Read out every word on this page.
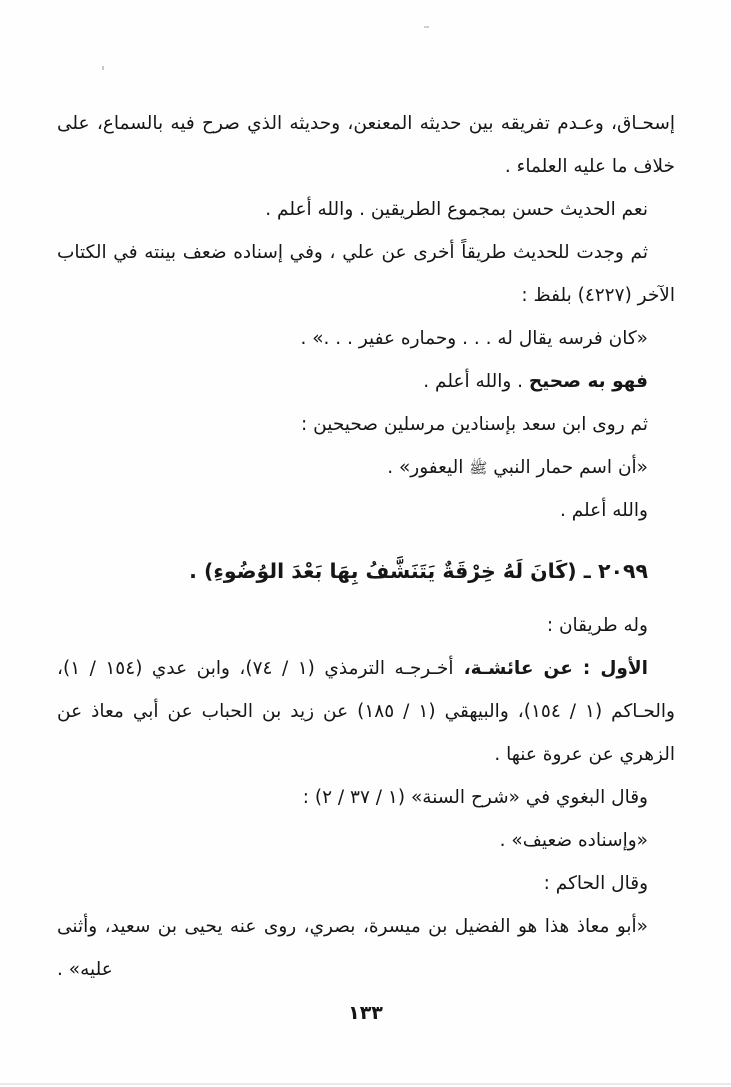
إسحـاق، وعـدم تفريقه بين حديثه المعنعن، وحديثه الذي صرح فيه بالسماع، على
خلاف ما عليه العلماء .
نعم الحديث حسن بمجموع الطريقين . والله أعلم .
ثم وجدت للحديث طريقاً أخرى عن علي ، وفي إسناده ضعف بينته في الكتاب
الآخر (٤٢٢٧) بلفظ :
«كان فرسه يقال له . . . وحماره عفير . . .» .
فهو به صحيح . والله أعلم .
ثم روى ابن سعد بإسنادين مرسلين صحيحين :
«أن اسم حمار النبي ﷺ اليعفور» .
والله أعلم .
٢٠٩٩ ـ (كَانَ لَهُ خِرْقَةٌ يَتَنَشَّفُ بِهَا بَعْدَ الوُضُوءِ) .
وله طريقان :
الأول : عن عائشـة، أخـرجـه الترمذي (١ / ٧٤)، وابن عدي (١٥٤ / ١)،
والحـاكم (١ / ١٥٤)، والبيهقي (١ / ١٨٥) عن زيد بن الحباب عن أبي معاذ عن
الزهري عن عروة عنها .
وقال البغوي في «شرح السنة» (١ / ٣٧ / ٢) :
«وإسناده ضعيف» .
وقال الحاكم :
«أبو معاذ هذا هو الفضيل بن ميسرة، بصري، روى عنه يحيى بن سعيد، وأثنى
عليه» .
١٣٣
